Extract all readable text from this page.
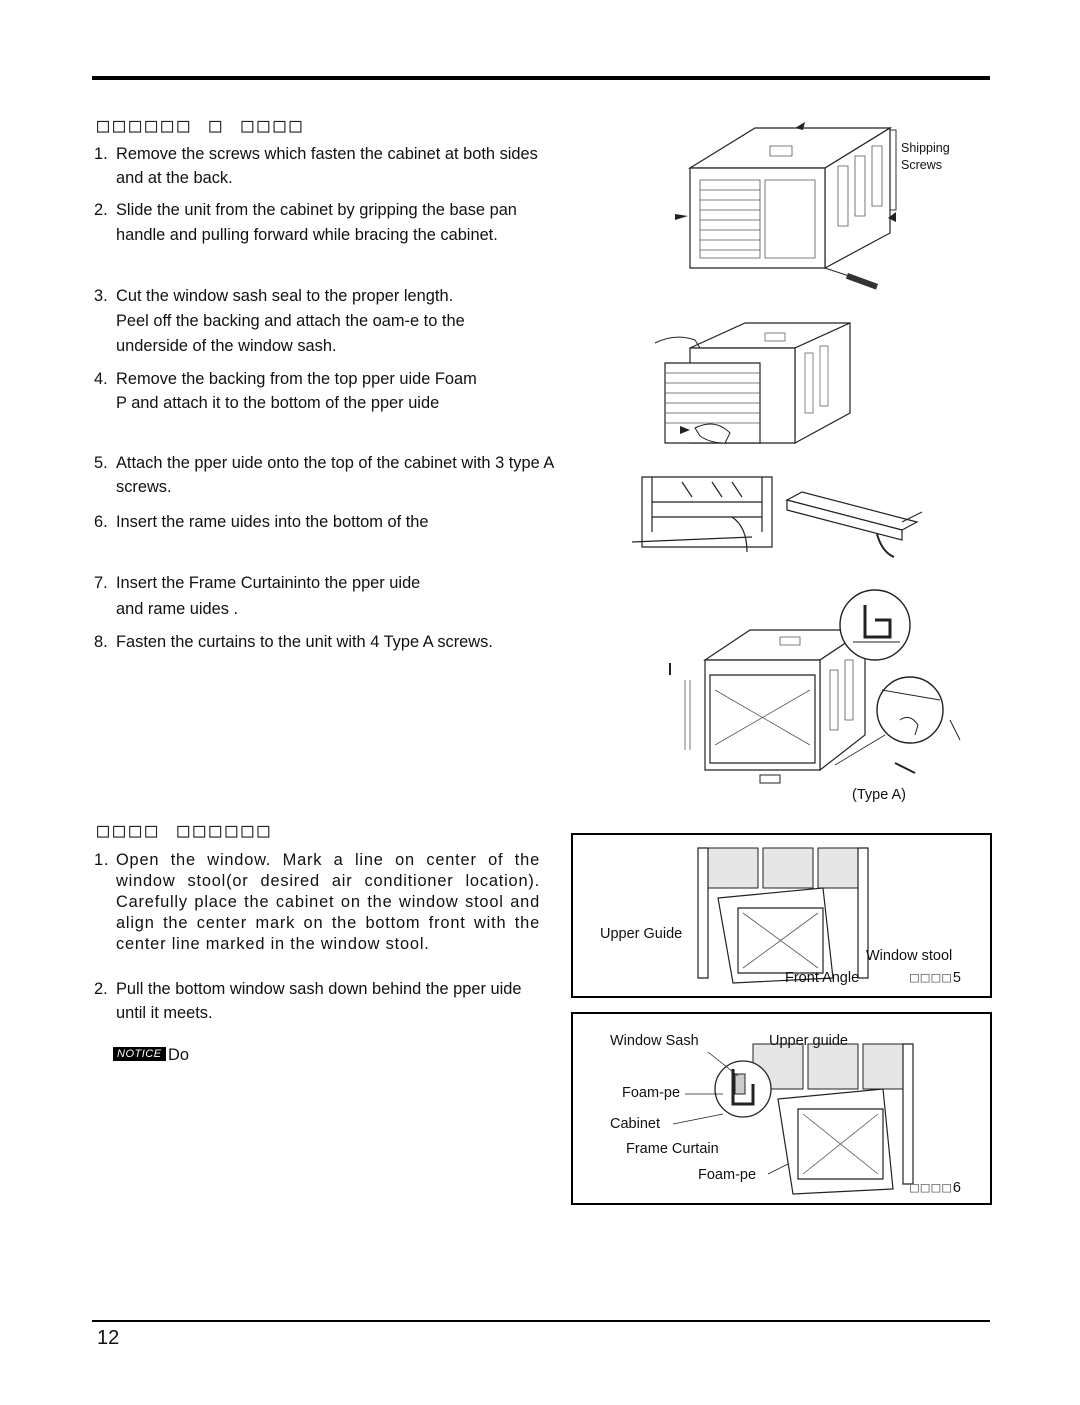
□□□□□□ □ □□□□
□□□□ □□□□□□
1. Remove the screws which fasten the cabinet at both sides and at the back.
2. Slide the unit from the cabinet by gripping the base pan handle and pulling forward while bracing the cabinet.
3. Cut the window sash seal to the proper length.
Peel off the backing and attach the oam-e to the underside of the window sash.
4. Remove the backing from the top pper uide Foam
P and attach it to the bottom of the pper uide
5. Attach the pper uide onto the top of the cabinet with 3 type A screws.
6. Insert the rame uides into the bottom of the
7. Insert the Frame Curtaininto the pper uide
and rame uides .
8. Fasten the curtains to the unit with 4 Type A screws.
1. Open the window. Mark a line on center of the window stool(or desired air conditioner location). Carefully place the cabinet on the window stool and align the center mark on the bottom front with the center line marked in the window stool.
2. Pull the bottom window sash down behind the pper uide until it meets.
NOTICE Do
Shipping
Screws
(Type A)
Upper Guide
Window stool
Front Angle	□□□□5
Window Sash	Upper guide
Foam-pe
Cabinet
Frame Curtain
Foam-pe
□□□□6
12
